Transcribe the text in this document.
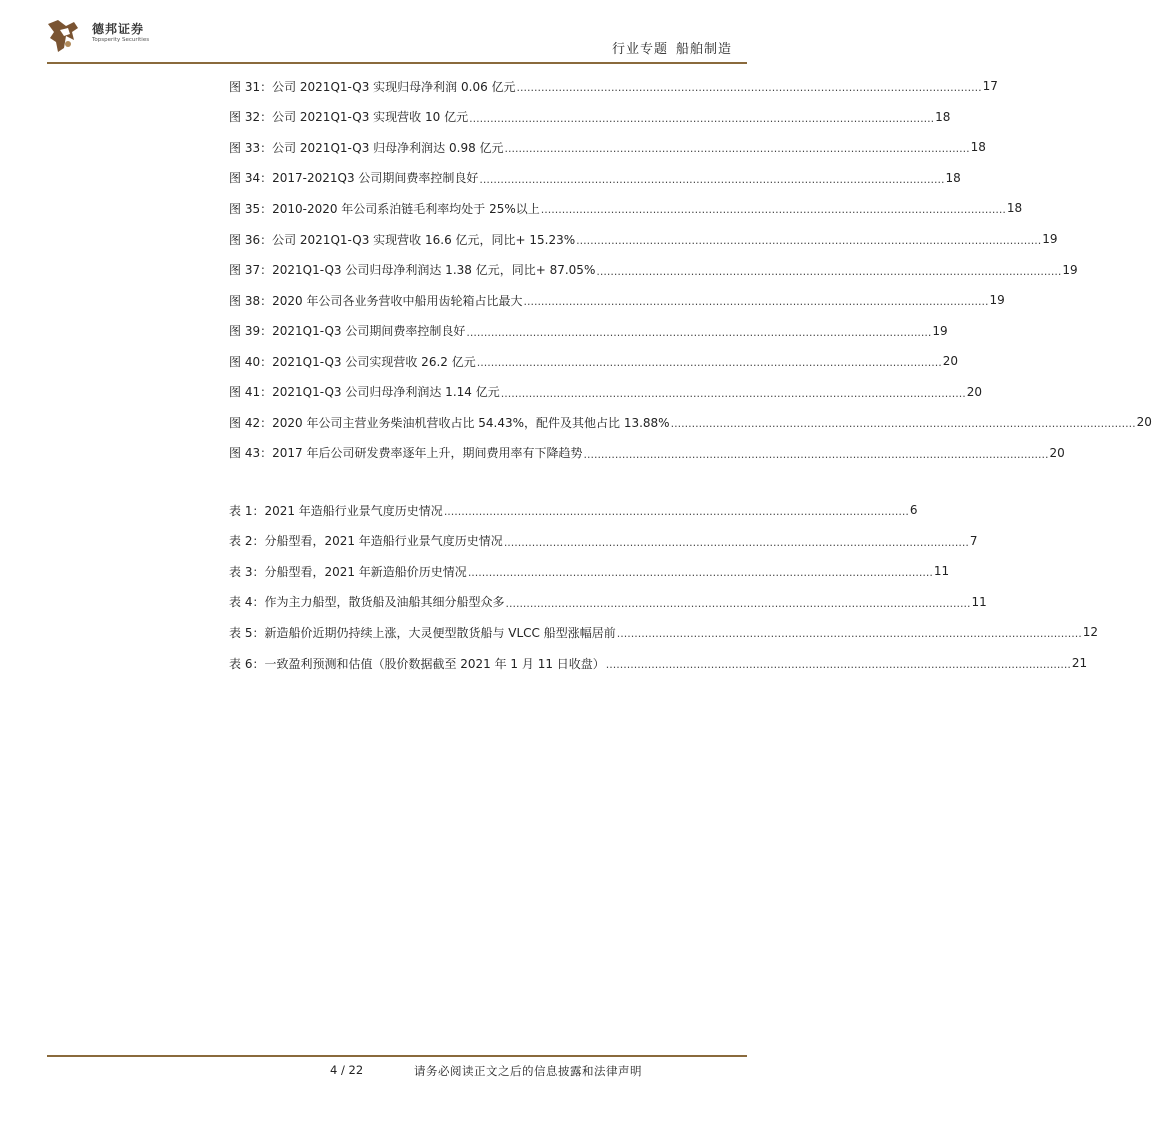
德邦证券
Topsperity Securities
行业专题 船舶制造
图 31：公司 2021Q1-Q3 实现归母净利润 0.06 亿元 ..................................................................................................................................... 17
图 32：公司 2021Q1-Q3 实现营收 10 亿元 ..................................................................................................................................... 18
图 33：公司 2021Q1-Q3 归母净利润达 0.98 亿元 ..................................................................................................................................... 18
图 34：2017-2021Q3 公司期间费率控制良好 ..................................................................................................................................... 18
图 35：2010-2020 年公司系泊链毛利率均处于 25%以上 ..................................................................................................................................... 18
图 36：公司 2021Q1-Q3 实现营收 16.6 亿元，同比+ 15.23% ..................................................................................................................................... 19
图 37：2021Q1-Q3 公司归母净利润达 1.38 亿元，同比+ 87.05% ..................................................................................................................................... 19
图 38：2020 年公司各业务营收中船用齿轮箱占比最大 ..................................................................................................................................... 19
图 39：2021Q1-Q3 公司期间费率控制良好 ..................................................................................................................................... 19
图 40：2021Q1-Q3 公司实现营收 26.2 亿元 ..................................................................................................................................... 20
图 41：2021Q1-Q3 公司归母净利润达 1.14 亿元 ..................................................................................................................................... 20
图 42：2020 年公司主营业务柴油机营收占比 54.43%，配件及其他占比 13.88% ..................................................................................................................................... 20
图 43：2017 年后公司研发费率逐年上升，期间费用率有下降趋势 ..................................................................................................................................... 20
表 1：2021 年造船行业景气度历史情况 ..................................................................................................................................... 6
表 2：分船型看，2021 年造船行业景气度历史情况 ..................................................................................................................................... 7
表 3：分船型看，2021 年新造船价历史情况 ..................................................................................................................................... 11
表 4：作为主力船型，散货船及油船其细分船型众多 ..................................................................................................................................... 11
表 5：新造船价近期仍持续上涨，大灵便型散货船与 VLCC 船型涨幅居前 ..................................................................................................................................... 12
表 6：一致盈利预测和估值（股价数据截至 2021 年 1 月 11 日收盘） ..................................................................................................................................... 21
4 / 22	请务必阅读正文之后的信息披露和法律声明
